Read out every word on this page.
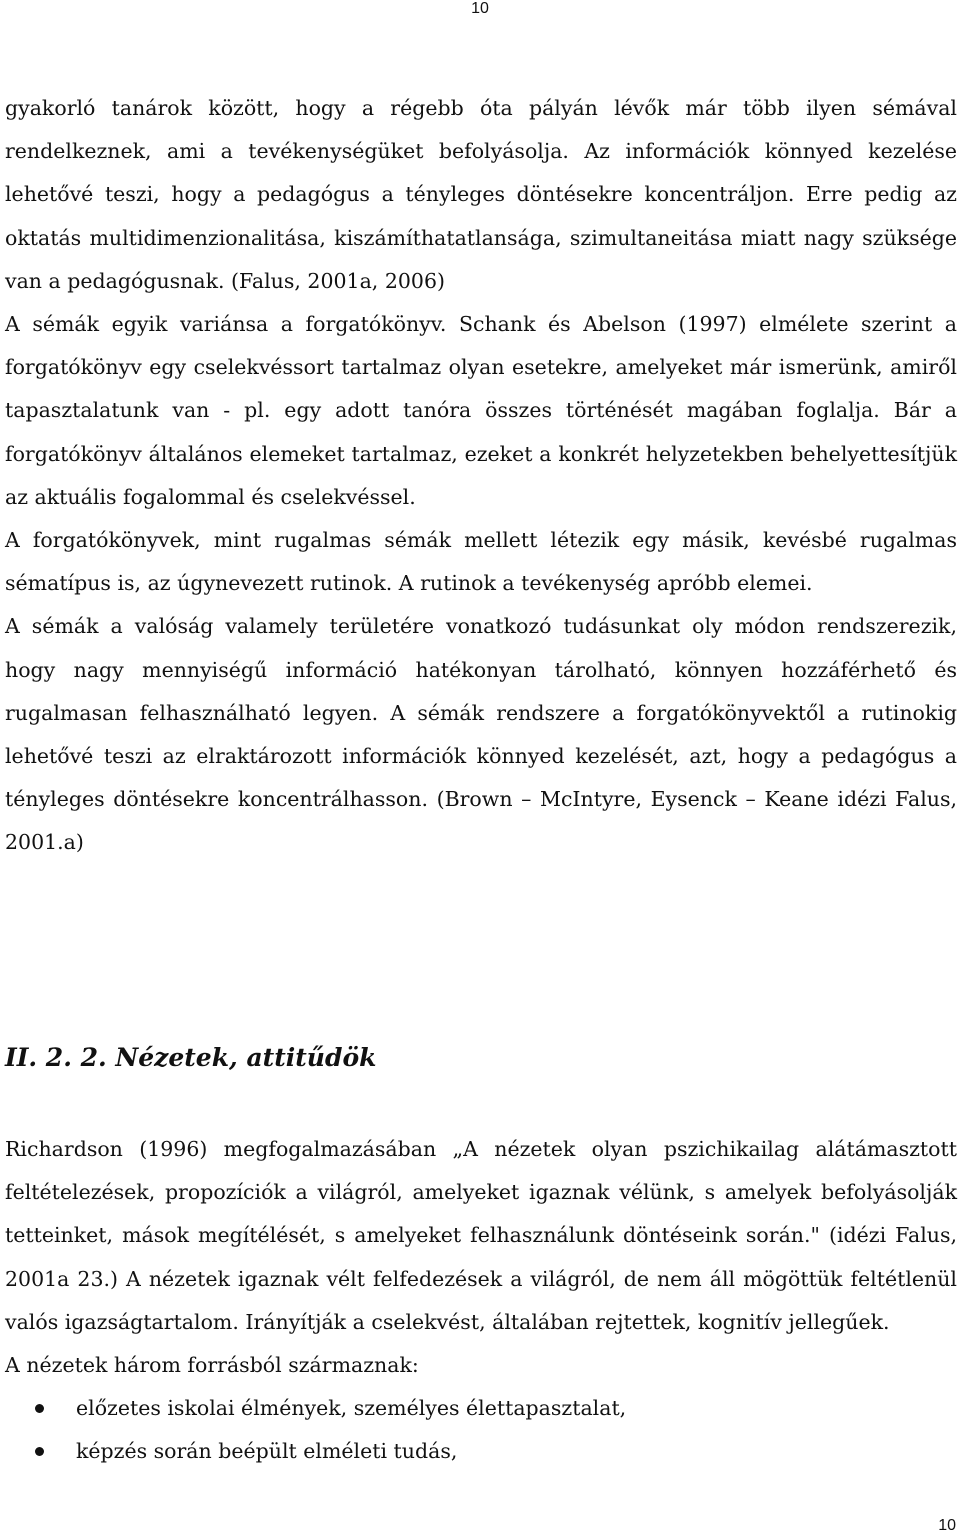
10

gyakorló tanárok között, hogy a régebb óta pályán lévők már több ilyen sémával rendelkeznek, ami a tevékenységüket befolyásolja. Az információk könnyed kezelése lehetővé teszi, hogy a pedagógus a tényleges döntésekre koncentráljon. Erre pedig az oktatás multidimenzionalitása, kiszámíthatatlansága, szimultaneitása miatt nagy szüksége van a pedagógusnak. (Falus, 2001a, 2006)

A sémák egyik variánsa a forgatókönyv. Schank és Abelson (1997) elmélete szerint a forgatókönyv egy cselekvéssort tartalmaz olyan esetekre, amelyeket már ismerünk, amiről tapasztalatunk van - pl. egy adott tanóra összes történését magában foglalja. Bár a forgatókönyv általános elemeket tartalmaz, ezeket a konkrét helyzetekben behelyettesítjük az aktuális fogalommal és cselekvéssel.

A forgatókönyvek, mint rugalmas sémák mellett létezik egy másik, kevésbé rugalmas sématípus is, az úgynevezett rutinok. A rutinok a tevékenység apróbb elemei.

A sémák a valóság valamely területére vonatkozó tudásunkat oly módon rendszerezik, hogy nagy mennyiségű információ hatékonyan tárolható, könnyen hozzáférhető és rugalmasan felhasználható legyen. A sémák rendszere a forgatókönyvektől a rutinokig lehetővé teszi az elraktározott információk könnyed kezelését, azt, hogy a pedagógus a tényleges döntésekre koncentrálhasson. (Brown – McIntyre, Eysenck – Keane idézi Falus, 2001.a)

II. 2. 2. Nézetek, attitűdök

Richardson (1996) megfogalmazásában „A nézetek olyan pszichikailag alátámasztott feltételezések, propozíciók a világról, amelyeket igaznak vélünk, s amelyek befolyásolják tetteinket, mások megítélését, s amelyeket felhasználunk döntéseink során." (idézi Falus, 2001a 23.) A nézetek igaznak vélt felfedezések a világról, de nem áll mögöttük feltétlenül valós igazságtartalom. Irányítják a cselekvést, általában rejtettek, kognitív jellegűek.

A nézetek három forrásból származnak:

előzetes iskolai élmények, személyes élettapasztalat,
képzés során beépült elméleti tudás,
10
